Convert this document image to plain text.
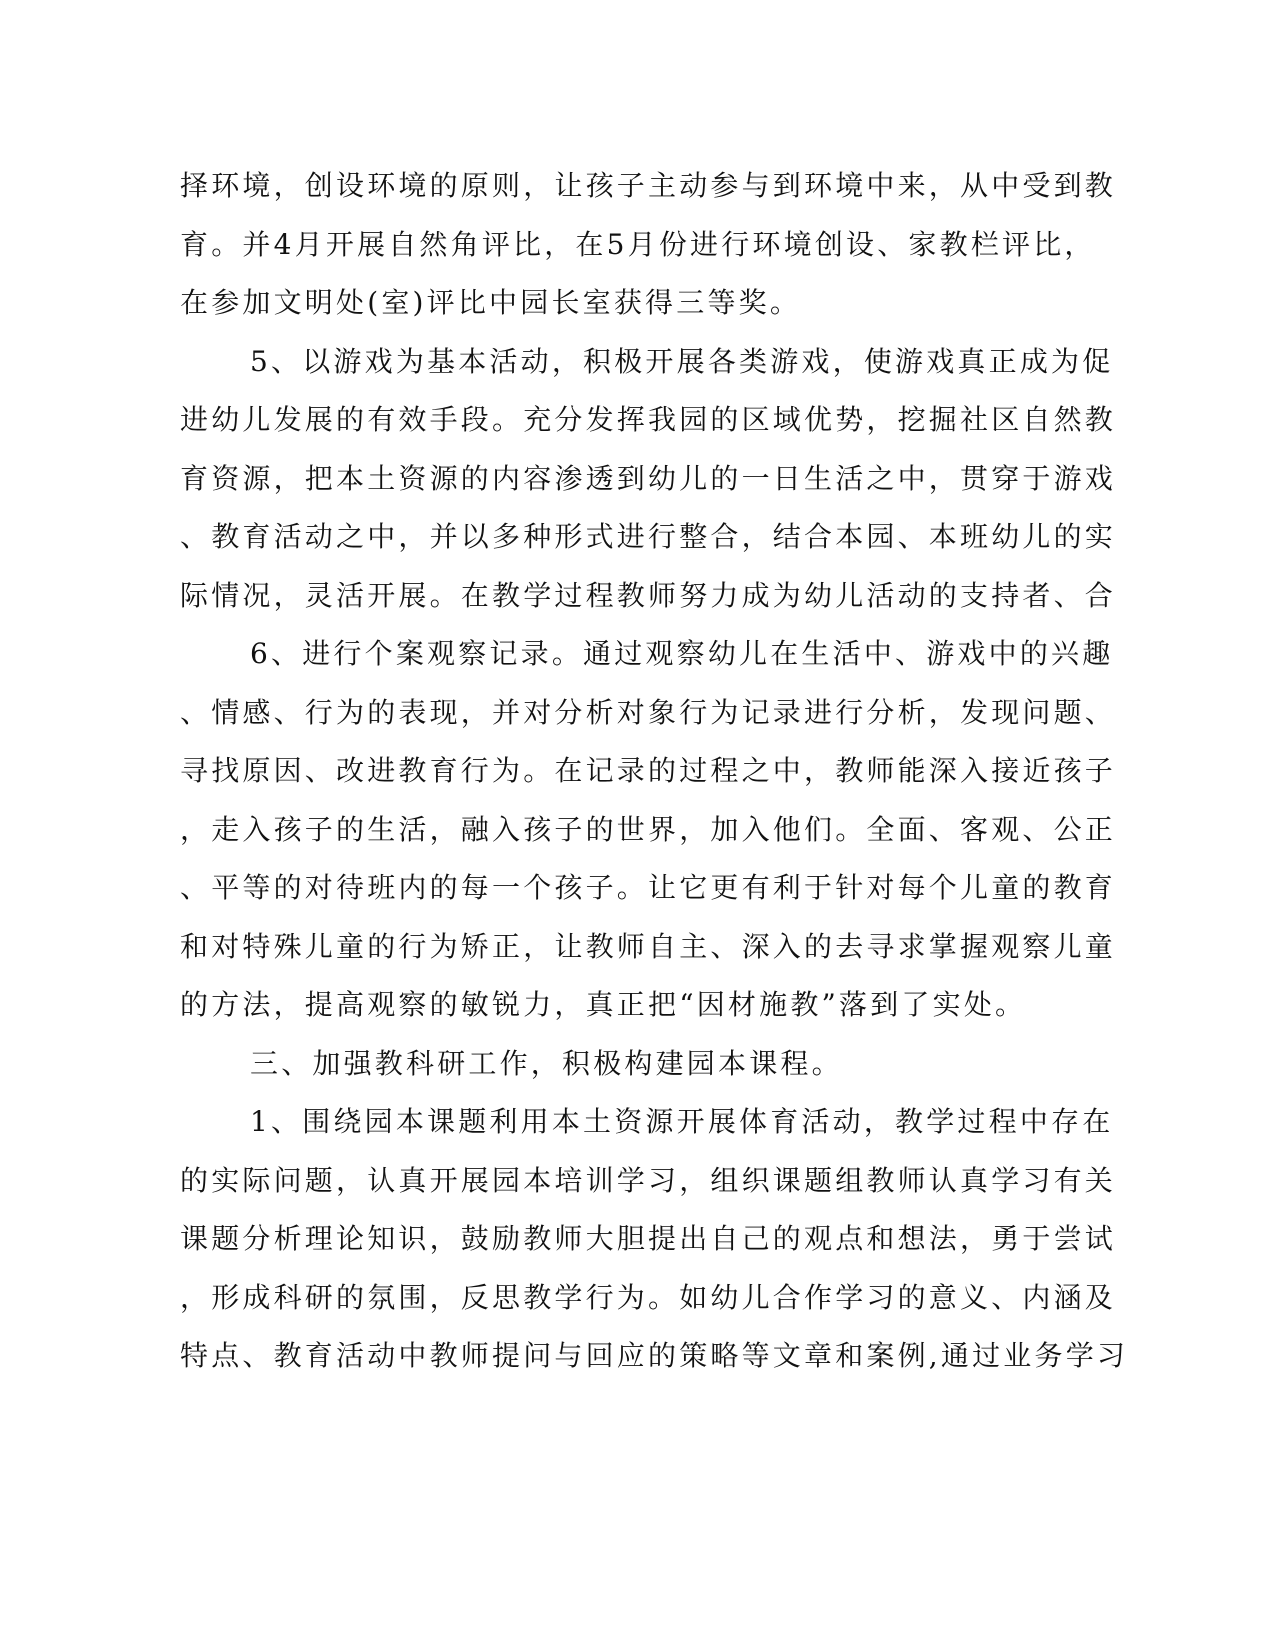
择环境，创设环境的原则，让孩子主动参与到环境中来，从中受到教
育。并4月开展自然角评比，在5月份进行环境创设、家教栏评比，
在参加文明处(室)评比中园长室获得三等奖。
5、以游戏为基本活动，积极开展各类游戏，使游戏真正成为促
进幼儿发展的有效手段。充分发挥我园的区域优势，挖掘社区自然教
育资源，把本土资源的内容渗透到幼儿的一日生活之中，贯穿于游戏
、教育活动之中，并以多种形式进行整合，结合本园、本班幼儿的实
际情况，灵活开展。在教学过程教师努力成为幼儿活动的支持者、合
6、进行个案观察记录。通过观察幼儿在生活中、游戏中的兴趣
、情感、行为的表现，并对分析对象行为记录进行分析，发现问题、
寻找原因、改进教育行为。在记录的过程之中，教师能深入接近孩子
，走入孩子的生活，融入孩子的世界，加入他们。全面、客观、公正
、平等的对待班内的每一个孩子。让它更有利于针对每个儿童的教育
和对特殊儿童的行为矫正，让教师自主、深入的去寻求掌握观察儿童
的方法，提高观察的敏锐力，真正把“因材施教”落到了实处。
三、加强教科研工作，积极构建园本课程。
1、围绕园本课题利用本土资源开展体育活动，教学过程中存在
的实际问题，认真开展园本培训学习，组织课题组教师认真学习有关
课题分析理论知识，鼓励教师大胆提出自己的观点和想法，勇于尝试
，形成科研的氛围，反思教学行为。如幼儿合作学习的意义、内涵及
特点、教育活动中教师提问与回应的策略等文章和案例,通过业务学习
